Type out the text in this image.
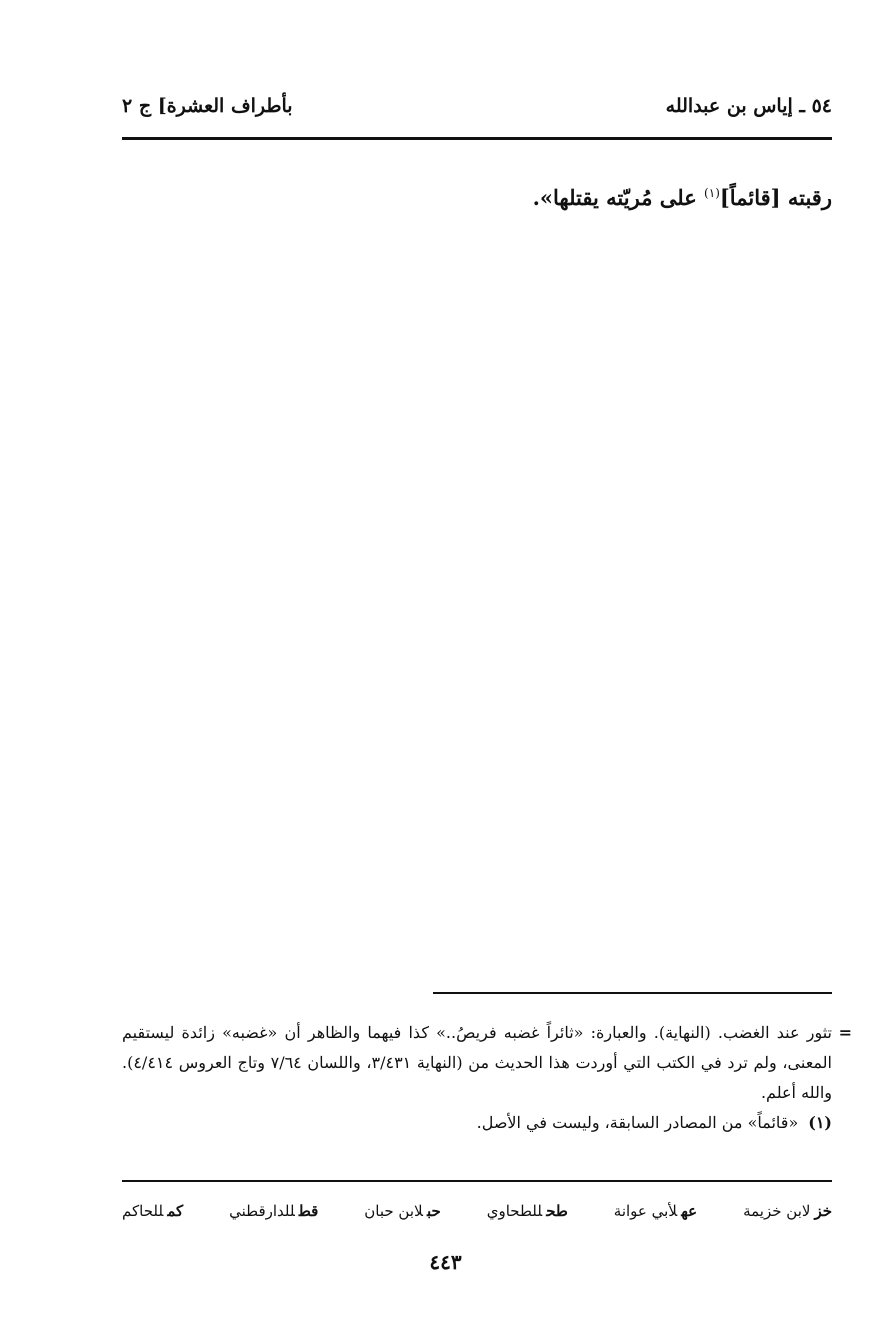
بأطراف العشرة] ج ٢	٥٤ ـ إياس بن عبدالله
رقبته [قائماً]$^{(١)}$ على مُريّته يقتلها».‏

=
تثور عند الغضب. (النهاية). والعبارة: «ثائراً غضبه فريصُ..» كذا فيهما والظاهر أن «غضبه» زائدة ليستقيم المعنى، ولم ترد في الكتب التي أوردت هذا الحديث من (النهاية ٣/٤٣١، واللسان ٧/٦٤ وتاج العروس ٤/٤١٤). والله أعلم.

(١)«قائماً» من المصادر السابقة، وليست في الأصل.

خزلابن خزيمة
عهلأبي عوانة
طحللطحاوي
حبلابن حبان
قطللدارقطني
كمللحاكم
٤٤٣
